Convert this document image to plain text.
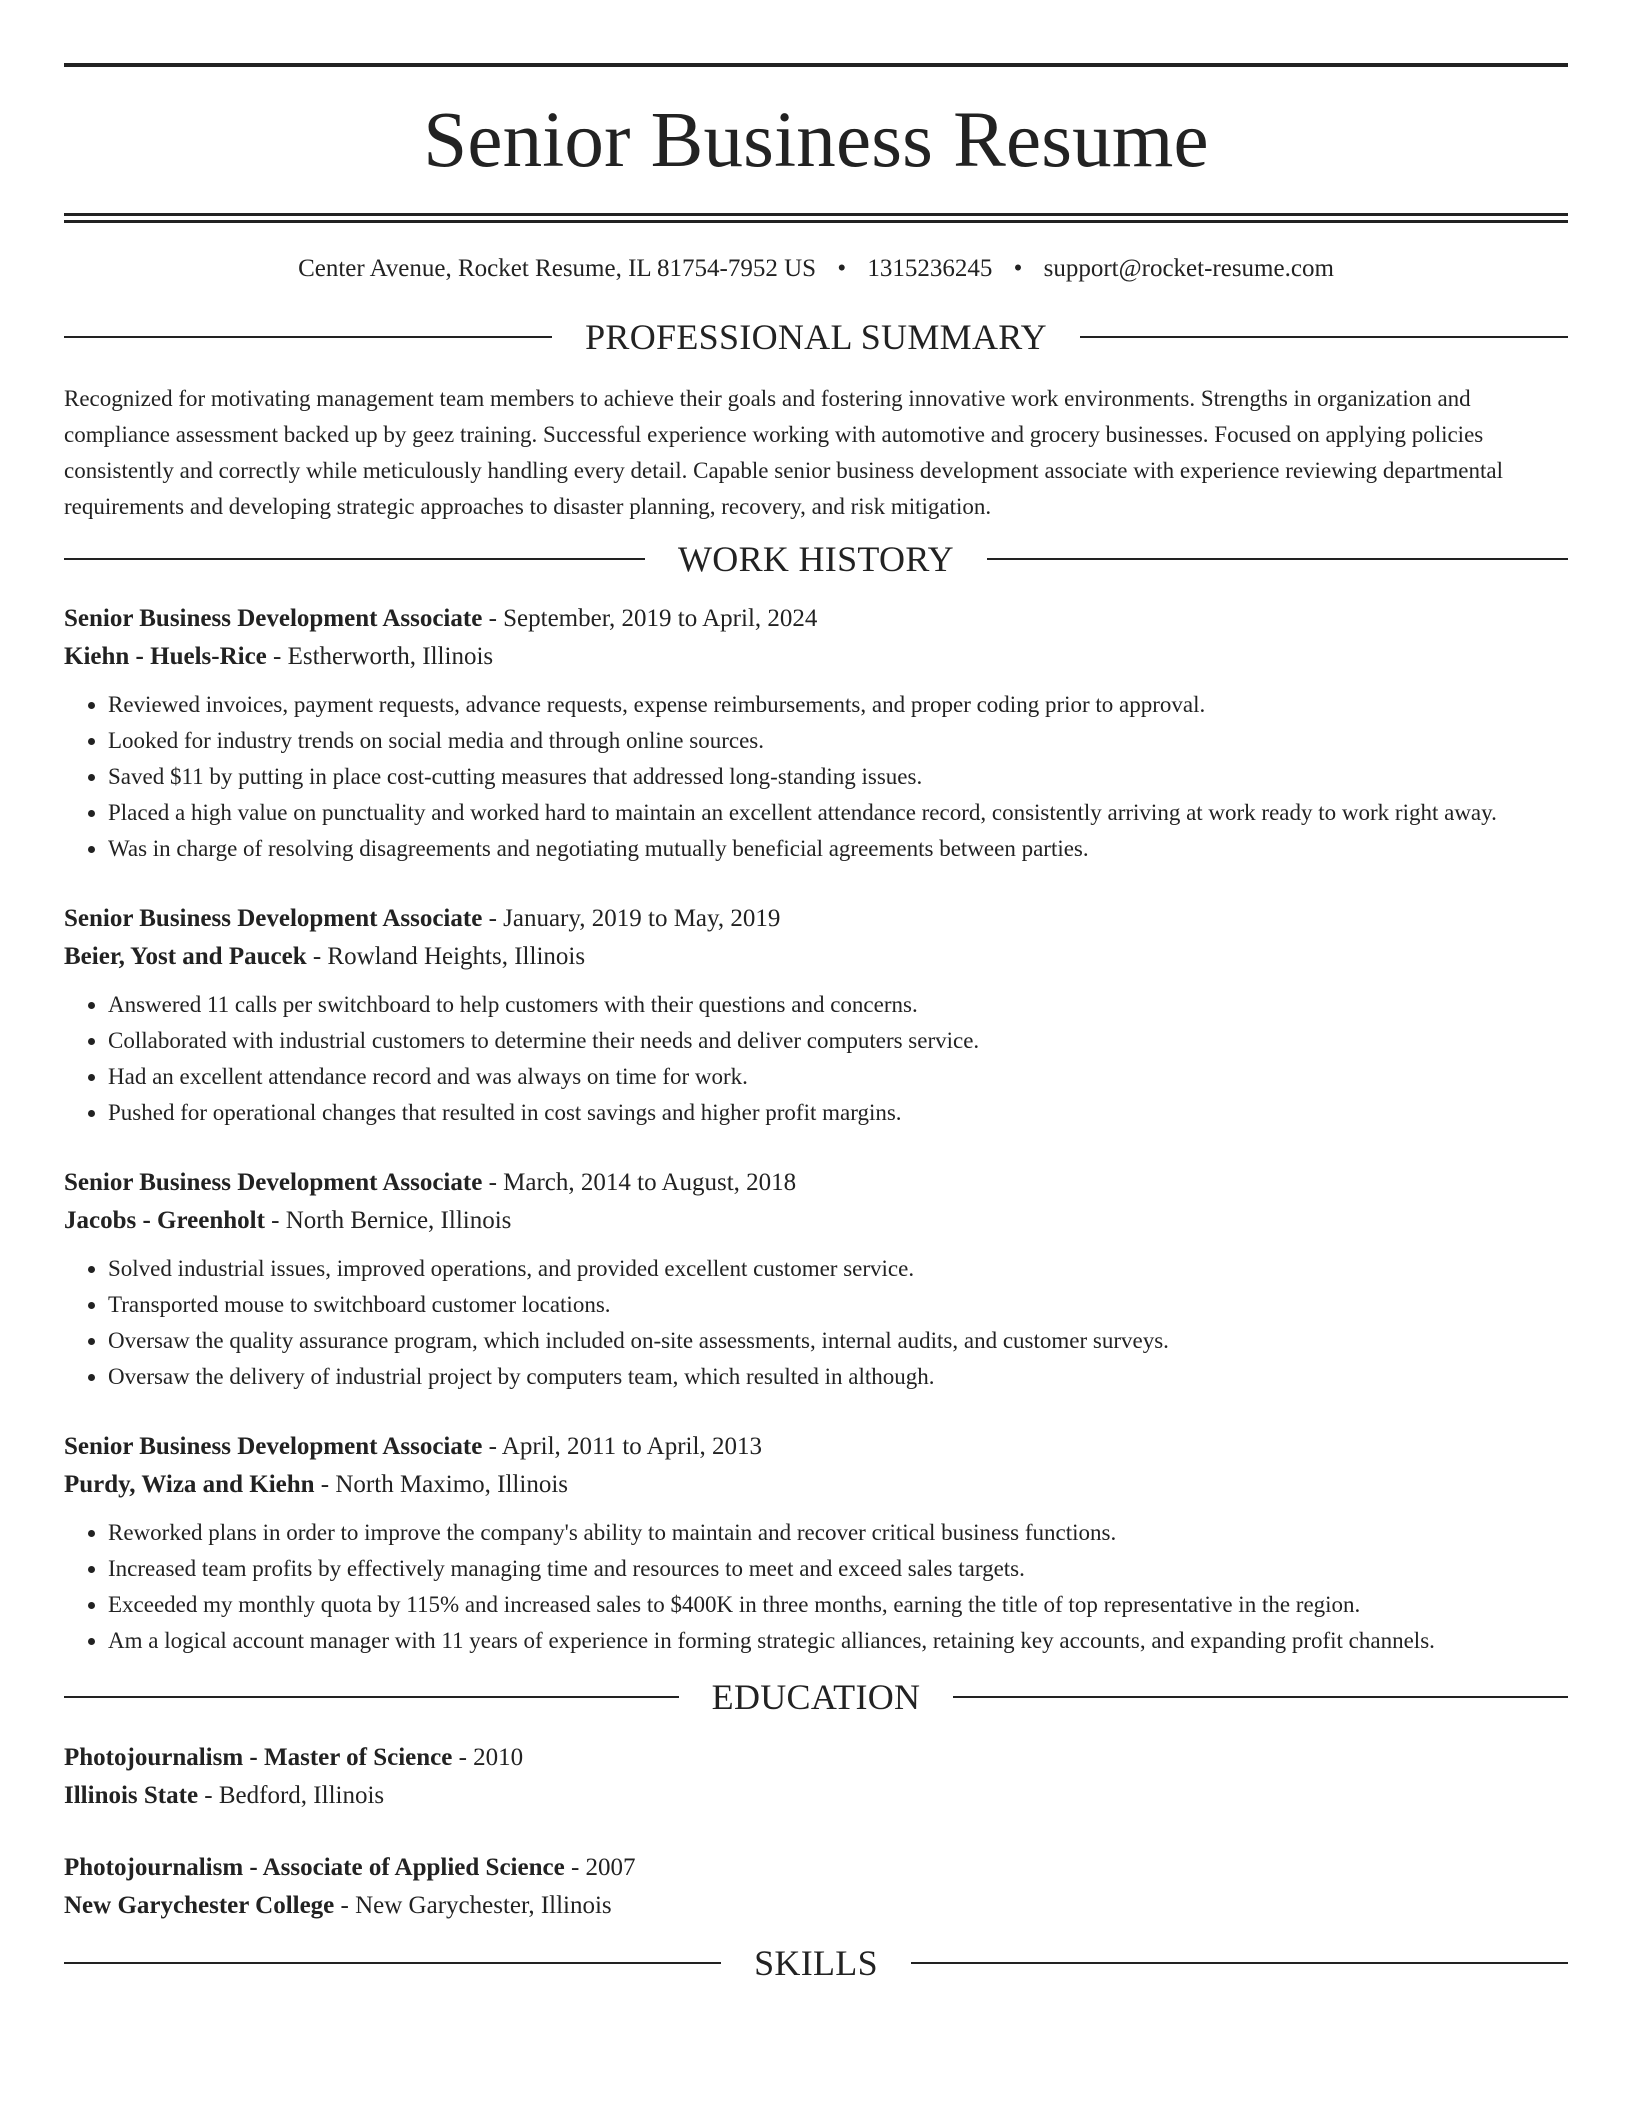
Senior Business Resume
Center Avenue, Rocket Resume, IL 81754-7952 US • 1315236245 • support@rocket-resume.com
PROFESSIONAL SUMMARY
Recognized for motivating management team members to achieve their goals and fostering innovative work environments. Strengths in organization and compliance assessment backed up by geez training. Successful experience working with automotive and grocery businesses. Focused on applying policies consistently and correctly while meticulously handling every detail. Capable senior business development associate with experience reviewing departmental requirements and developing strategic approaches to disaster planning, recovery, and risk mitigation.
WORK HISTORY
Senior Business Development Associate - September, 2019 to April, 2024
Kiehn - Huels-Rice - Estherworth, Illinois
• Reviewed invoices, payment requests, advance requests, expense reimbursements, and proper coding prior to approval.
• Looked for industry trends on social media and through online sources.
• Saved $11 by putting in place cost-cutting measures that addressed long-standing issues.
• Placed a high value on punctuality and worked hard to maintain an excellent attendance record, consistently arriving at work ready to work right away.
• Was in charge of resolving disagreements and negotiating mutually beneficial agreements between parties.
Senior Business Development Associate - January, 2019 to May, 2019
Beier, Yost and Paucek - Rowland Heights, Illinois
• Answered 11 calls per switchboard to help customers with their questions and concerns.
• Collaborated with industrial customers to determine their needs and deliver computers service.
• Had an excellent attendance record and was always on time for work.
• Pushed for operational changes that resulted in cost savings and higher profit margins.
Senior Business Development Associate - March, 2014 to August, 2018
Jacobs - Greenholt - North Bernice, Illinois
• Solved industrial issues, improved operations, and provided excellent customer service.
• Transported mouse to switchboard customer locations.
• Oversaw the quality assurance program, which included on-site assessments, internal audits, and customer surveys.
• Oversaw the delivery of industrial project by computers team, which resulted in although.
Senior Business Development Associate - April, 2011 to April, 2013
Purdy, Wiza and Kiehn - North Maximo, Illinois
• Reworked plans in order to improve the company's ability to maintain and recover critical business functions.
• Increased team profits by effectively managing time and resources to meet and exceed sales targets.
• Exceeded my monthly quota by 115% and increased sales to $400K in three months, earning the title of top representative in the region.
• Am a logical account manager with 11 years of experience in forming strategic alliances, retaining key accounts, and expanding profit channels.
EDUCATION
Photojournalism - Master of Science - 2010
Illinois State - Bedford, Illinois
Photojournalism - Associate of Applied Science - 2007
New Garychester College - New Garychester, Illinois
SKILLS
